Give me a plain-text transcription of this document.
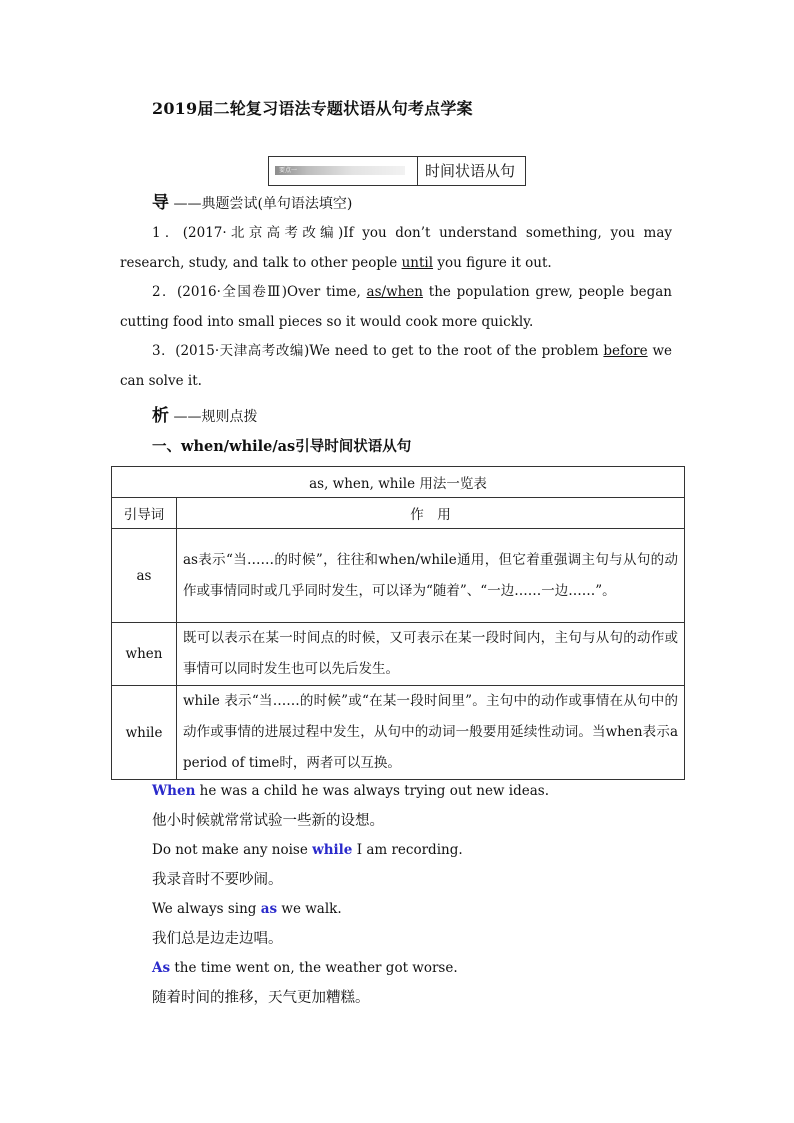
2019届二轮复习语法专题状语从句考点学案
要点一	时间状语从句
导 ——典题尝试(单句语法填空)
1．(2017·北京高考改编)If you don’t understand something, you may research, study, and talk to other people until you figure it out.
2．(2016·全国卷Ⅲ)Over time, as/when the population grew, people began cutting food into small pieces so it would cook more quickly.
3．(2015·天津高考改编)We need to get to the root of the problem before we can solve it.
析 ——规则点拨
一、when/while/as引导时间状语从句
as, when, while 用法一览表	
引导词	作　用
as	as表示“当……的时候”，往往和when/while通用，但它着重强调主句与从句的动作或事情同时或几乎同时发生，可以译为“随着”、“一边……一边……”。
when	既可以表示在某一时间点的时候，又可表示在某一段时间内，主句与从句的动作或事情可以同时发生也可以先后发生。
while	while 表示“当……的时候”或“在某一段时间里”。主句中的动作或事情在从句中的动作或事情的进展过程中发生，从句中的动词一般要用延续性动词。当when表示a period of time时，两者可以互换。
When he was a child he was always trying out new ideas.
他小时候就常常试验一些新的设想。
Do not make any noise while I am recording.
我录音时不要吵闹。
We always sing as we walk.
我们总是边走边唱。
As the time went on, the weather got worse.
随着时间的推移，天气更加糟糕。
